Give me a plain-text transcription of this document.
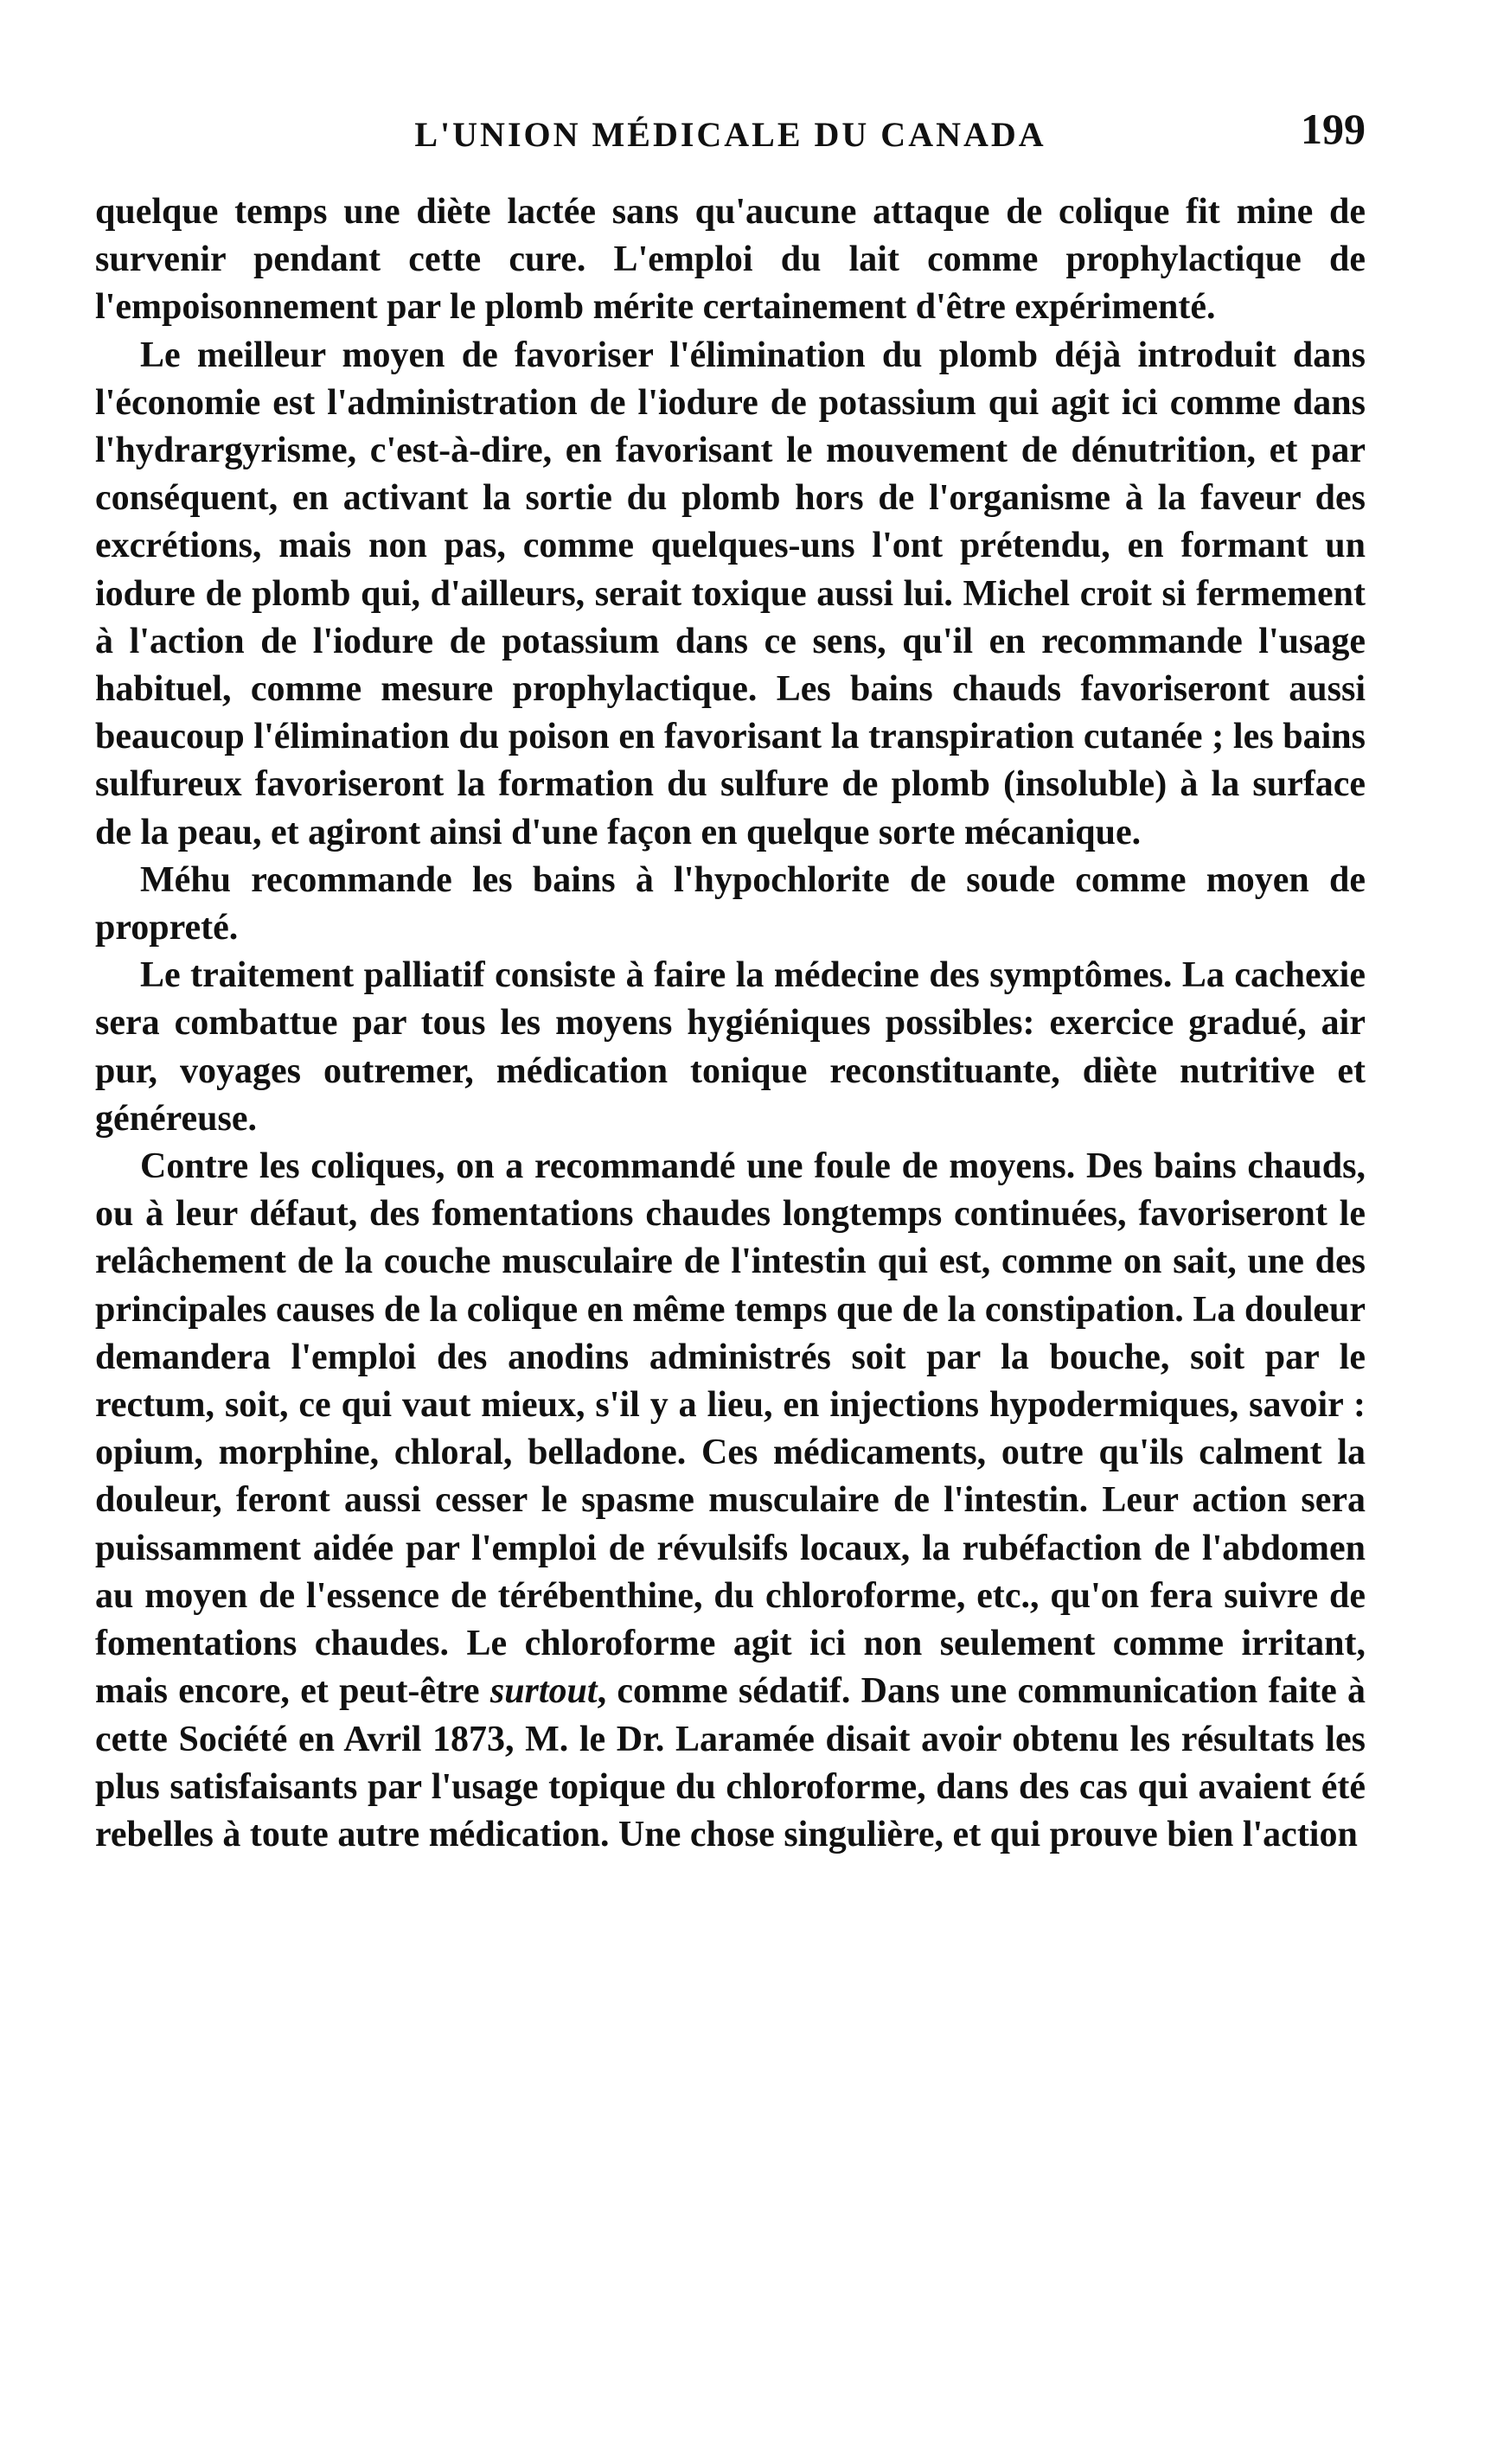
L'UNION MÉDICALE DU CANADA	199

quelque temps une diète lactée sans qu'aucune attaque de colique fit mine de survenir pendant cette cure. L'emploi du lait comme prophylactique de l'empoisonnement par le plomb mérite certainement d'être expérimenté.

Le meilleur moyen de favoriser l'élimination du plomb déjà introduit dans l'économie est l'administration de l'iodure de potassium qui agit ici comme dans l'hydrargyrisme, c'est-à-dire, en favorisant le mouvement de dénutrition, et par conséquent, en activant la sortie du plomb hors de l'organisme à la faveur des excrétions, mais non pas, comme quelques-uns l'ont prétendu, en formant un iodure de plomb qui, d'ailleurs, serait toxique aussi lui. Michel croit si fermement à l'action de l'iodure de potassium dans ce sens, qu'il en recommande l'usage habituel, comme mesure prophylactique. Les bains chauds favoriseront aussi beaucoup l'élimination du poison en favorisant la transpiration cutanée ; les bains sulfureux favoriseront la formation du sulfure de plomb (insoluble) à la surface de la peau, et agiront ainsi d'une façon en quelque sorte mécanique.

Méhu recommande les bains à l'hypochlorite de soude comme moyen de propreté.

Le traitement palliatif consiste à faire la médecine des symptômes. La cachexie sera combattue par tous les moyens hygiéniques possibles: exercice gradué, air pur, voyages outremer, médication tonique reconstituante, diète nutritive et généreuse.

Contre les coliques, on a recommandé une foule de moyens. Des bains chauds, ou à leur défaut, des fomentations chaudes longtemps continuées, favoriseront le relâchement de la couche musculaire de l'intestin qui est, comme on sait, une des principales causes de la colique en même temps que de la constipation. La douleur demandera l'emploi des anodins administrés soit par la bouche, soit par le rectum, soit, ce qui vaut mieux, s'il y a lieu, en injections hypodermiques, savoir : opium, morphine, chloral, belladone. Ces médicaments, outre qu'ils calment la douleur, feront aussi cesser le spasme musculaire de l'intestin. Leur action sera puissamment aidée par l'emploi de révulsifs locaux, la rubéfaction de l'abdomen au moyen de l'essence de térébenthine, du chloroforme, etc., qu'on fera suivre de fomentations chaudes. Le chloroforme agit ici non seulement comme irritant, mais encore, et peut-être surtout, comme sédatif. Dans une communication faite à cette Société en Avril 1873, M. le Dr. Laramée disait avoir obtenu les résultats les plus satisfaisants par l'usage topique du chloroforme, dans des cas qui avaient été rebelles à toute autre médication. Une chose singulière, et qui prouve bien l'action
